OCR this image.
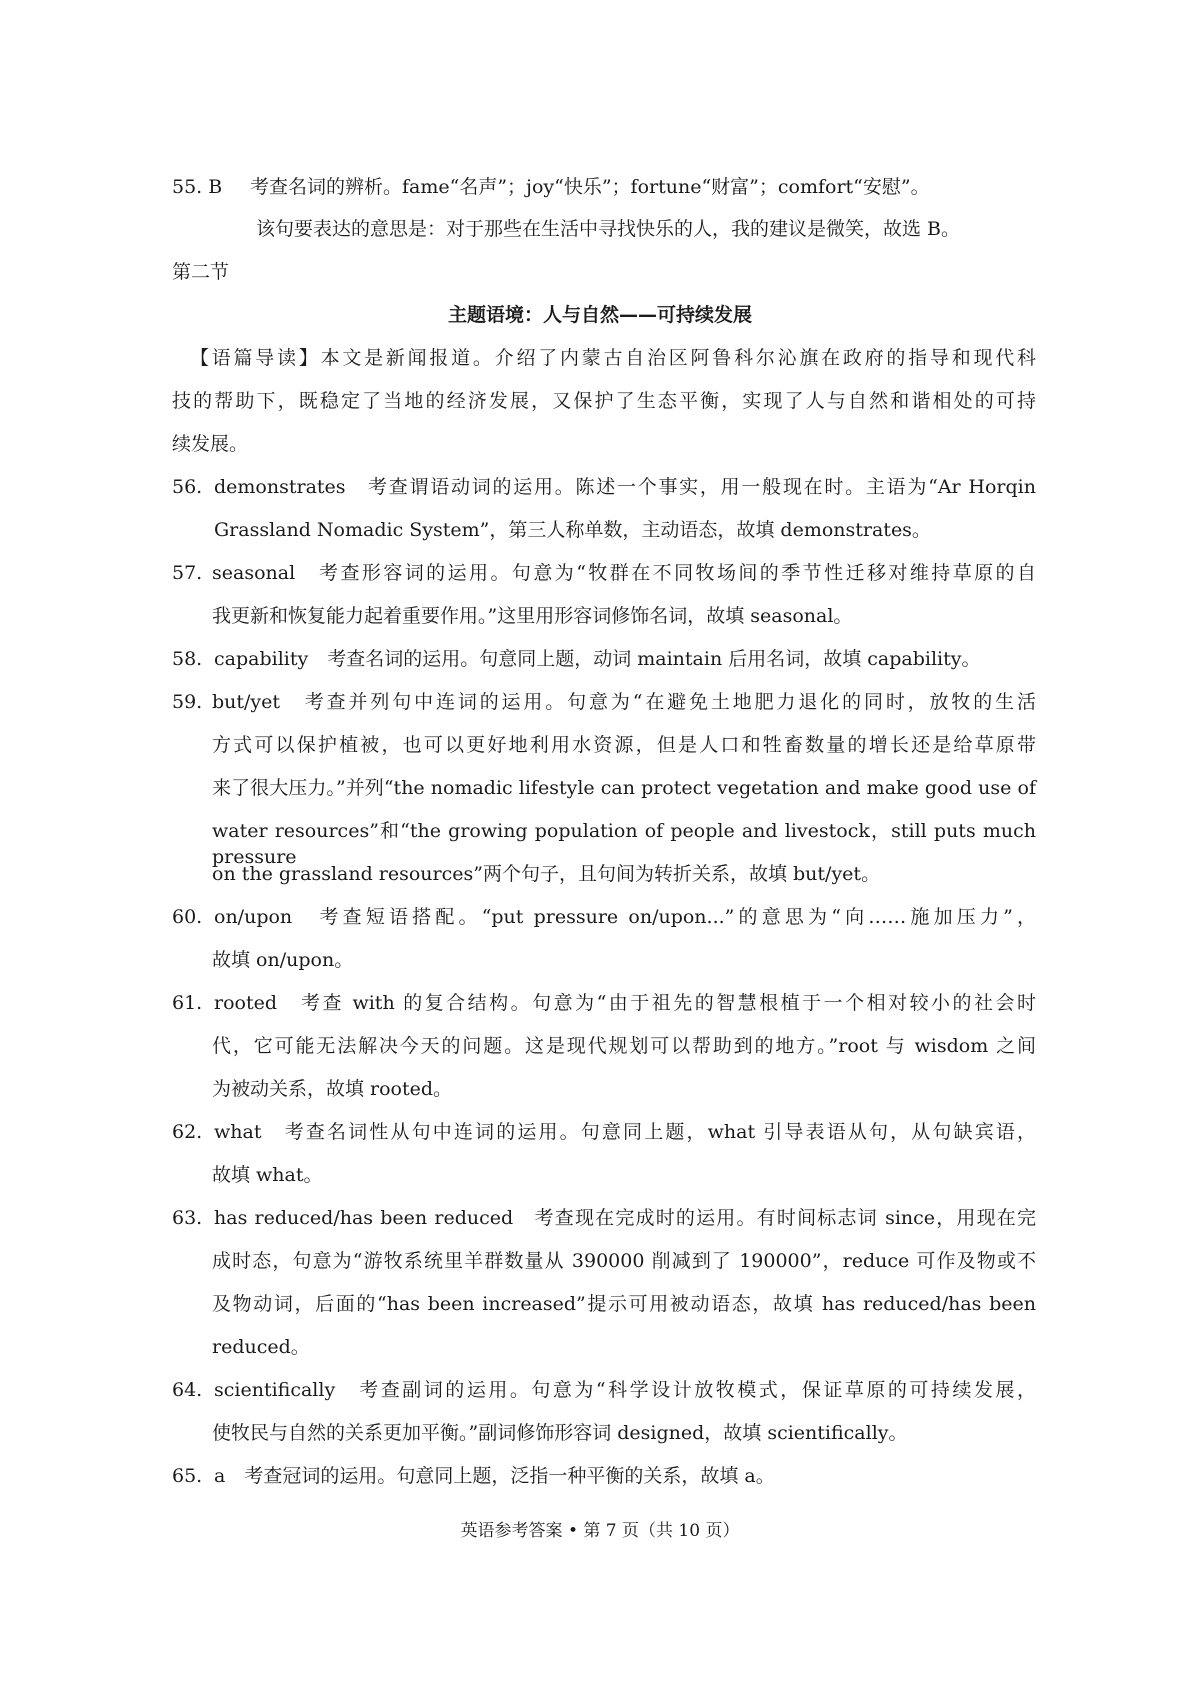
55. B 考查名词的辨析。fame“名声”；joy“快乐”；fortune“财富”；comfort“安慰”。
该句要表达的意思是：对于那些在生活中寻找快乐的人，我的建议是微笑，故选 B。
第二节
主题语境：人与自然——可持续发展
【语篇导读】本文是新闻报道。介绍了内蒙古自治区阿鲁科尔沁旗在政府的指导和现代科
技的帮助下，既稳定了当地的经济发展，又保护了生态平衡，实现了人与自然和谐相处的可持
续发展。
56. demonstrates　考查谓语动词的运用。陈述一个事实，用一般现在时。主语为“Ar Horqin
Grassland Nomadic System”，第三人称单数，主动语态，故填 demonstrates。
57. seasonal　考查形容词的运用。句意为“牧群在不同牧场间的季节性迁移对维持草原的自
我更新和恢复能力起着重要作用。”这里用形容词修饰名词，故填 seasonal。
58. capability　考查名词的运用。句意同上题，动词 maintain 后用名词，故填 capability。
59. but/yet　考查并列句中连词的运用。句意为“在避免土地肥力退化的同时，放牧的生活
方式可以保护植被，也可以更好地利用水资源，但是人口和牲畜数量的增长还是给草原带
来了很大压力。”并列“the nomadic lifestyle can protect vegetation and make good use of
water resources”和“the growing population of people and livestock，still puts much pressure
on the grassland resources”两个句子，且句间为转折关系，故填 but/yet。
60. on/upon　考查短语搭配。“put pressure on/upon...”的意思为“向……施加压力”，
故填 on/upon。
61. rooted　考查 with 的复合结构。句意为“由于祖先的智慧根植于一个相对较小的社会时
代，它可能无法解决今天的问题。这是现代规划可以帮助到的地方。”root 与 wisdom 之间
为被动关系，故填 rooted。
62. what　考查名词性从句中连词的运用。句意同上题，what 引导表语从句，从句缺宾语，
故填 what。
63. has reduced/has been reduced　考查现在完成时的运用。有时间标志词 since，用现在完
成时态，句意为“游牧系统里羊群数量从 390000 削减到了 190000”，reduce 可作及物或不
及物动词，后面的“has been increased”提示可用被动语态，故填 has reduced/has been
reduced。
64. scientifically　考查副词的运用。句意为“科学设计放牧模式，保证草原的可持续发展，
使牧民与自然的关系更加平衡。”副词修饰形容词 designed，故填 scientifically。
65. a　考查冠词的运用。句意同上题，泛指一种平衡的关系，故填 a。
英语参考答案 • 第 7 页（共 10 页）
